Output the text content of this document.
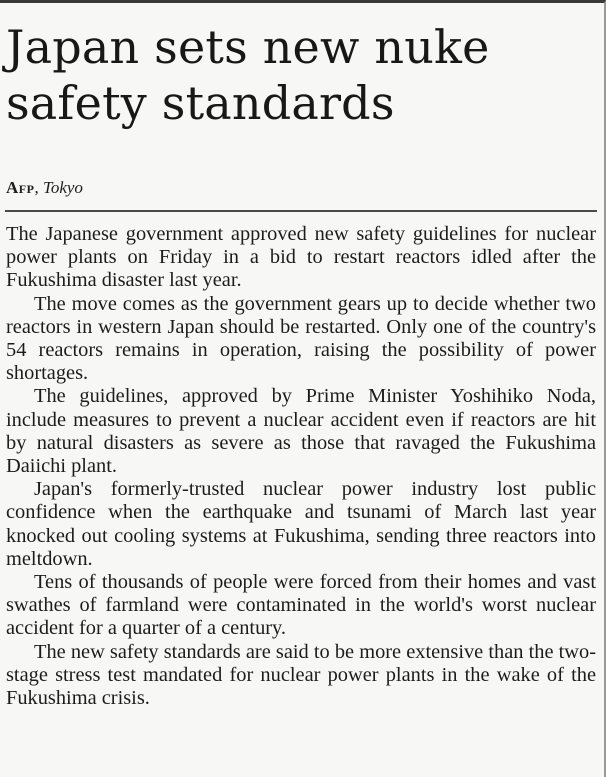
Japan sets new nuke safety standards
Afp, Tokyo

The Japanese government approved new safety guidelines for nuclear power plants on Friday in a bid to restart reactors idled after the Fukushima disaster last year.

The move comes as the government gears up to decide whether two reactors in western Japan should be restarted. Only one of the country's 54 reactors remains in operation, raising the possibility of power shortages.

The guidelines, approved by Prime Minister Yoshihiko Noda, include measures to prevent a nuclear accident even if reactors are hit by natural disasters as severe as those that ravaged the Fukushima Daiichi plant.

Japan's formerly-trusted nuclear power industry lost public confidence when the earthquake and tsunami of March last year knocked out cooling systems at Fukushima, sending three reactors into meltdown.

Tens of thousands of people were forced from their homes and vast swathes of farmland were contaminated in the world's worst nuclear accident for a quarter of a century.

The new safety standards are said to be more extensive than the two-stage stress test mandated for nuclear power plants in the wake of the Fukushima crisis.
